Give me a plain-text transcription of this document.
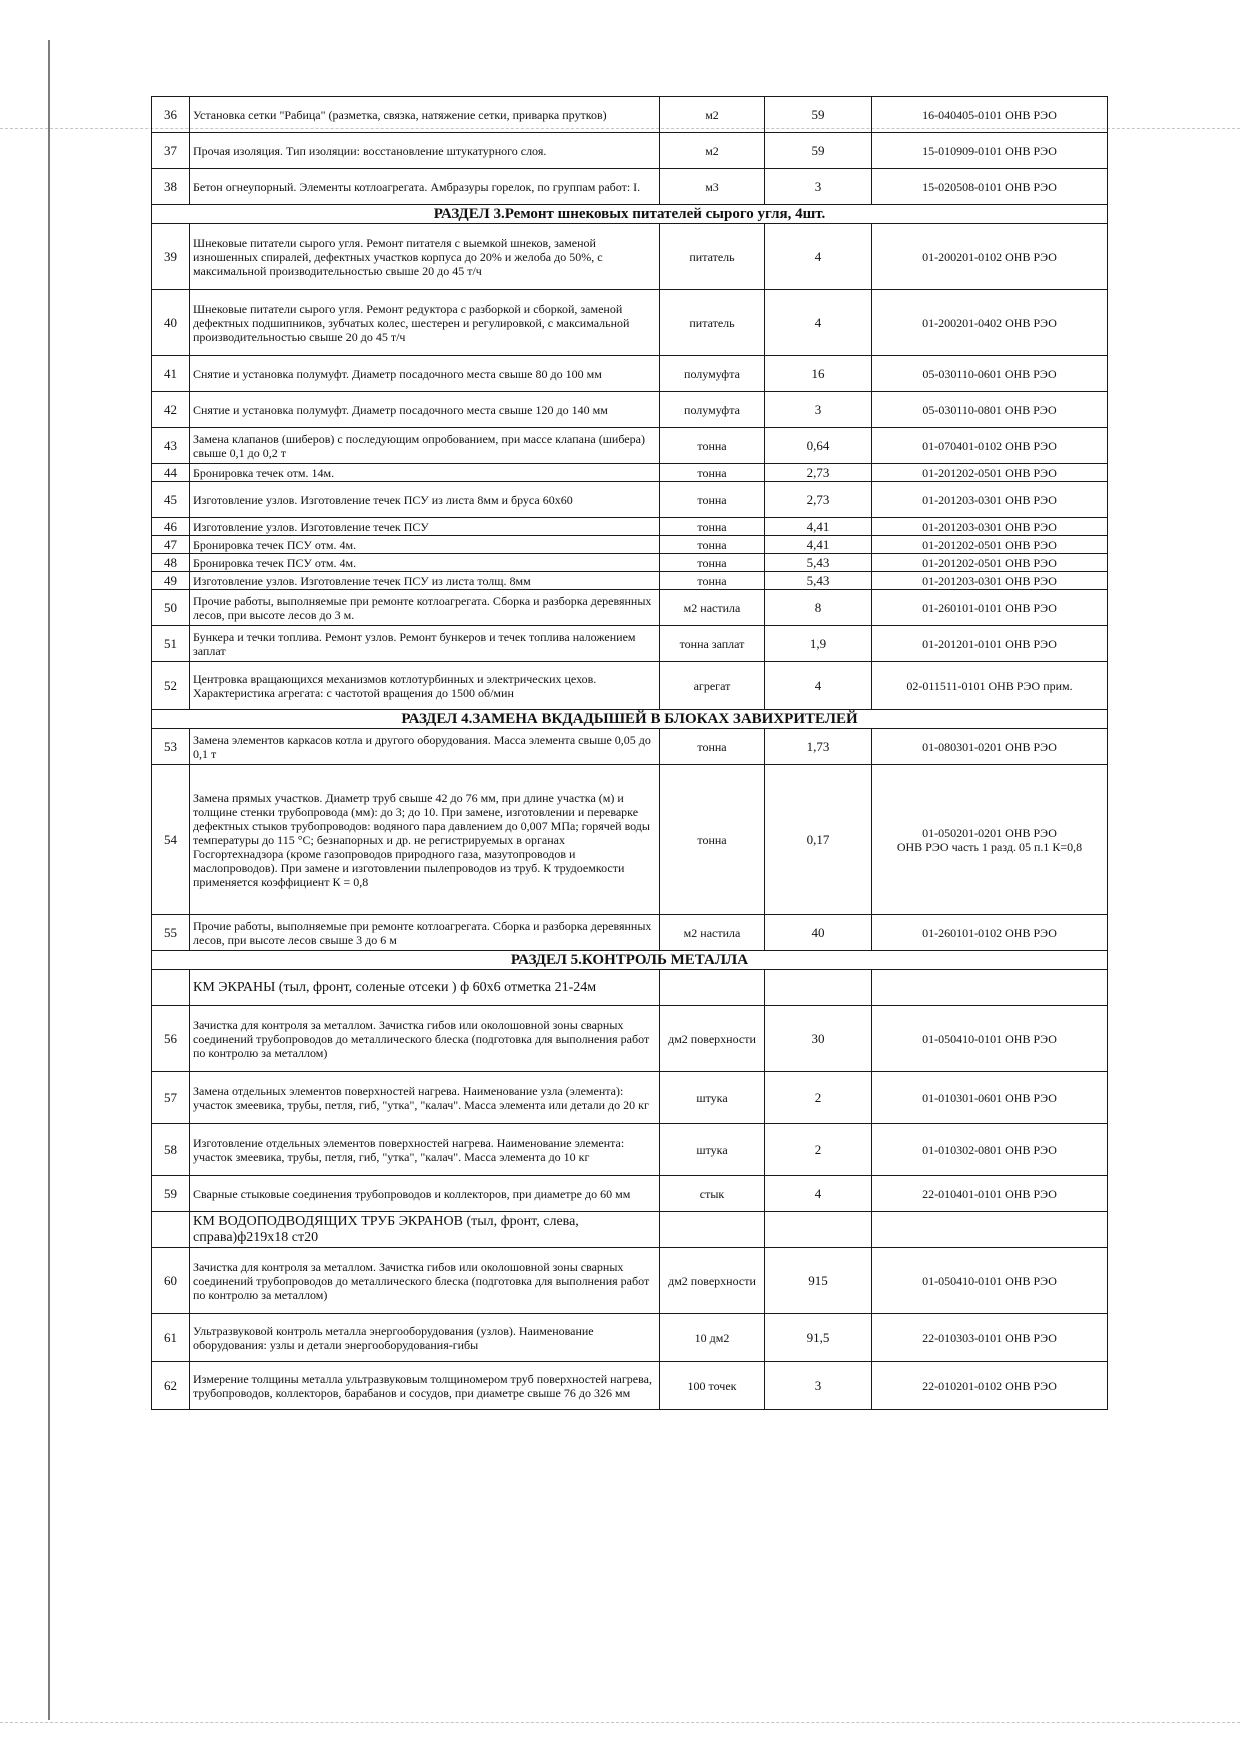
36	Установка сетки "Рабица" (разметка, связка, натяжение сетки, приварка прутков)	м2	59	16-040405-0101 ОНВ РЭО
37	Прочая изоляция. Тип изоляции: восстановление штукатурного слоя.	м2	59	15-010909-0101 ОНВ РЭО
38	Бетон огнеупорный. Элементы котлоагрегата. Амбразуры горелок, по группам работ: I.	м3	3	15-020508-0101 ОНВ РЭО
РАЗДЕЛ 3.Ремонт шнековых питателей сырого угля, 4шт.				
39	Шнековые питатели сырого угля. Ремонт питателя с выемкой шнеков, заменой изношенных спиралей, дефектных участков корпуса до 20% и желоба до 50%, с максимальной производительностью свыше 20 до 45 т/ч	питатель	4	01-200201-0102 ОНВ РЭО
40	Шнековые питатели сырого угля. Ремонт редуктора с разборкой и сборкой, заменой дефектных подшипников, зубчатых колес, шестерен и регулировкой, с максимальной производительностью свыше 20 до 45 т/ч	питатель	4	01-200201-0402 ОНВ РЭО
41	Снятие и установка полумуфт. Диаметр посадочного места свыше 80 до 100 мм	полумуфта	16	05-030110-0601 ОНВ РЭО
42	Снятие и установка полумуфт. Диаметр посадочного места свыше 120 до 140 мм	полумуфта	3	05-030110-0801 ОНВ РЭО
43	Замена клапанов (шиберов) с последующим опробованием, при массе клапана (шибера) свыше 0,1 до 0,2 т	тонна	0,64	01-070401-0102 ОНВ РЭО
44	Бронировка течек отм. 14м.	тонна	2,73	01-201202-0501 ОНВ РЭО
45	Изготовление узлов. Изготовление течек ПСУ из листа 8мм и бруса 60х60	тонна	2,73	01-201203-0301 ОНВ РЭО
46	Изготовление узлов. Изготовление течек ПСУ	тонна	4,41	01-201203-0301 ОНВ РЭО
47	Бронировка течек ПСУ отм. 4м.	тонна	4,41	01-201202-0501 ОНВ РЭО
48	Бронировка течек ПСУ отм. 4м.	тонна	5,43	01-201202-0501 ОНВ РЭО
49	Изготовление узлов. Изготовление течек ПСУ из листа толщ. 8мм	тонна	5,43	01-201203-0301 ОНВ РЭО
50	Прочие работы, выполняемые при ремонте котлоагрегата. Сборка и разборка деревянных лесов, при высоте лесов до 3 м.	м2 настила	8	01-260101-0101 ОНВ РЭО
51	Бункера и течки топлива. Ремонт узлов. Ремонт бункеров и течек топлива наложением заплат	тонна заплат	1,9	01-201201-0101 ОНВ РЭО
52	Центровка вращающихся механизмов котлотурбинных и электрических цехов. Характеристика агрегата: с частотой вращения до 1500 об/мин	агрегат	4	02-011511-0101 ОНВ РЭО прим.
РАЗДЕЛ 4.ЗАМЕНА ВКДАДЫШЕЙ В БЛОКАХ ЗАВИХРИТЕЛЕЙ				
53	Замена элементов каркасов котла и другого оборудования. Масса элемента свыше 0,05 до 0,1 т	тонна	1,73	01-080301-0201 ОНВ РЭО
54	Замена прямых участков. Диаметр труб свыше 42 до 76 мм, при длине участка (м) и толщине стенки трубопровода (мм): до 3; до 10. При замене, изготовлении и переварке дефектных стыков трубопроводов: водяного пара давлением до 0,007 МПа; горячей воды температуры до 115 °С; безнапорных и др. не регистрируемых в органах Госгортехнадзора (кроме газопроводов природного газа, мазутопроводов и маслопроводов). При замене и изготовлении пылепроводов из труб. К трудоемкости применяется коэффициент К = 0,8	тонна	0,17	01-050201-0201 ОНВ РЭО
ОНВ РЭО часть 1 разд. 05 п.1 К=0,8

55	Прочие работы, выполняемые при ремонте котлоагрегата. Сборка и разборка деревянных лесов, при высоте лесов свыше 3 до 6 м	м2 настила	40	01-260101-0102 ОНВ РЭО
РАЗДЕЛ 5.КОНТРОЛЬ МЕТАЛЛА				
	КМ ЭКРАНЫ (тыл, фронт, соленые отсеки ) ф 60х6 отметка 21-24м			
56	Зачистка для контроля за металлом. Зачистка гибов или околошовной зоны сварных соединений трубопроводов до металлического блеска (подготовка для выполнения работ по контролю за металлом)	дм2 поверхности	30	01-050410-0101 ОНВ РЭО
57	Замена отдельных элементов поверхностей нагрева. Наименование узла (элемента): участок змеевика, трубы, петля, гиб, "утка", "калач". Масса элемента или детали до 20 кг	штука	2	01-010301-0601 ОНВ РЭО
58	Изготовление отдельных элементов поверхностей нагрева. Наименование элемента: участок змеевика, трубы, петля, гиб, "утка", "калач". Масса элемента до 10 кг	штука	2	01-010302-0801 ОНВ РЭО
59	Сварные стыковые соединения трубопроводов и коллекторов, при диаметре до 60 мм	стык	4	22-010401-0101 ОНВ РЭО
	КМ ВОДОПОДВОДЯЩИХ ТРУБ ЭКРАНОВ (тыл, фронт, слева, справа)ф219х18 ст20			
60	Зачистка для контроля за металлом. Зачистка гибов или околошовной зоны сварных соединений трубопроводов до металлического блеска (подготовка для выполнения работ по контролю за металлом)	дм2 поверхности	915	01-050410-0101 ОНВ РЭО
61	Ультразвуковой контроль металла энергооборудования (узлов). Наименование оборудования: узлы и детали энергооборудования-гибы	10 дм2	91,5	22-010303-0101 ОНВ РЭО
62	Измерение толщины металла ультразвуковым толщиномером труб поверхностей нагрева, трубопроводов, коллекторов, барабанов и сосудов, при диаметре свыше 76 до 326 мм	100 точек	3	22-010201-0102 ОНВ РЭО
